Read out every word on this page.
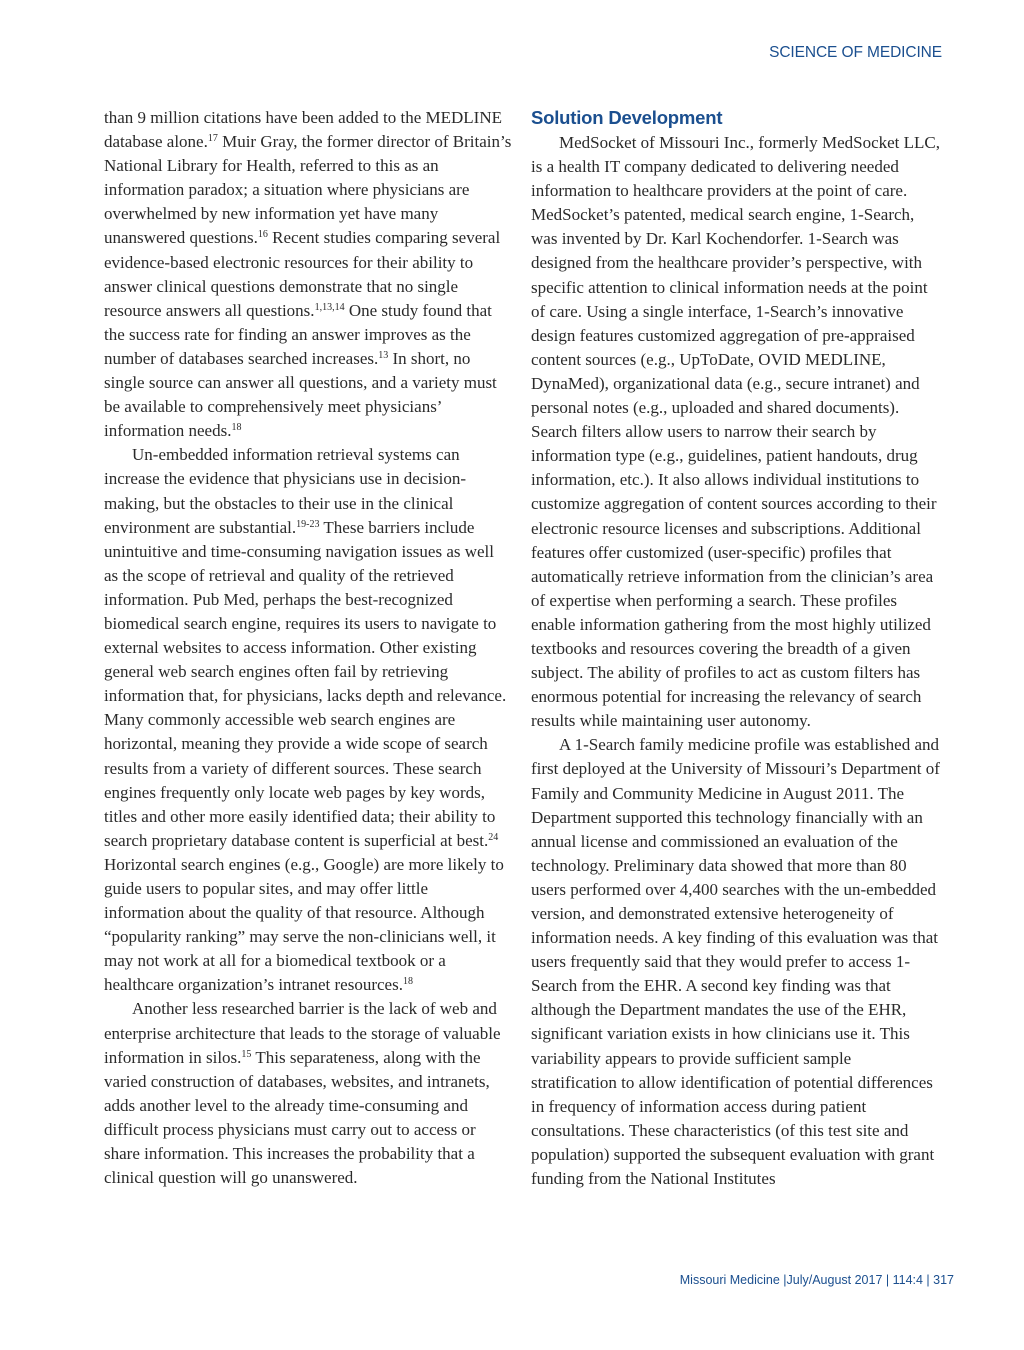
SCIENCE OF MEDICINE

than 9 million citations have been added to the MEDLINE database alone.$^{17}$ Muir Gray, the former director of Britain’s National Library for Health, referred to this as an information paradox; a situation where physicians are overwhelmed by new information yet have many unanswered questions.$^{16}$ Recent studies comparing several evidence-based electronic resources for their ability to answer clinical questions demonstrate that no single resource answers all questions.$^{1,13,14}$ One study found that the success rate for finding an answer improves as the number of databases searched increases.$^{13}$ In short, no single source can answer all questions, and a variety must be available to comprehensively meet physicians’ information needs.$^{18}$

Un-embedded information retrieval systems can increase the evidence that physicians use in decision-making, but the obstacles to their use in the clinical environment are substantial.$^{19-23}$ These barriers include unintuitive and time-consuming navigation issues as well as the scope of retrieval and quality of the retrieved information. Pub Med, perhaps the best-recognized biomedical search engine, requires its users to navigate to external websites to access information. Other existing general web search engines often fail by retrieving information that, for physicians, lacks depth and relevance. Many commonly accessible web search engines are horizontal, meaning they provide a wide scope of search results from a variety of different sources. These search engines frequently only locate web pages by key words, titles and other more easily identified data; their ability to search proprietary database content is superficial at best.$^{24}$ Horizontal search engines (e.g., Google) are more likely to guide users to popular sites, and may offer little information about the quality of that resource. Although “popularity ranking” may serve the non-clinicians well, it may not work at all for a biomedical textbook or a healthcare organization’s intranet resources.$^{18}$

Another less researched barrier is the lack of web and enterprise architecture that leads to the storage of valuable information in silos.$^{15}$ This separateness, along with the varied construction of databases, websites, and intranets, adds another level to the already time-consuming and difficult process physicians must carry out to access or share information. This increases the probability that a clinical question will go unanswered.

Solution Development

MedSocket of Missouri Inc., formerly MedSocket LLC, is a health IT company dedicated to delivering needed information to healthcare providers at the point of care. MedSocket’s patented, medical search engine, 1-Search, was invented by Dr. Karl Kochendorfer. 1-Search was designed from the healthcare provider’s perspective, with specific attention to clinical information needs at the point of care. Using a single interface, 1-Search’s innovative design features customized aggregation of pre-appraised content sources (e.g., UpToDate, OVID MEDLINE, DynaMed), organizational data (e.g., secure intranet) and personal notes (e.g., uploaded and shared documents). Search filters allow users to narrow their search by information type (e.g., guidelines, patient handouts, drug information, etc.). It also allows individual institutions to customize aggregation of content sources according to their electronic resource licenses and subscriptions. Additional features offer customized (user-specific) profiles that automatically retrieve information from the clinician’s area of expertise when performing a search. These profiles enable information gathering from the most highly utilized textbooks and resources covering the breadth of a given subject. The ability of profiles to act as custom filters has enormous potential for increasing the relevancy of search results while maintaining user autonomy.

A 1-Search family medicine profile was established and first deployed at the University of Missouri’s Department of Family and Community Medicine in August 2011. The Department supported this technology financially with an annual license and commissioned an evaluation of the technology. Preliminary data showed that more than 80 users performed over 4,400 searches with the un-embedded version, and demonstrated extensive heterogeneity of information needs. A key finding of this evaluation was that users frequently said that they would prefer to access 1-Search from the EHR. A second key finding was that although the Department mandates the use of the EHR, significant variation exists in how clinicians use it. This variability appears to provide sufficient sample stratification to allow identification of potential differences in frequency of information access during patient consultations. These characteristics (of this test site and population) supported the subsequent evaluation with grant funding from the National Institutes

Missouri Medicine |July/August 2017 | 114:4 | 317
